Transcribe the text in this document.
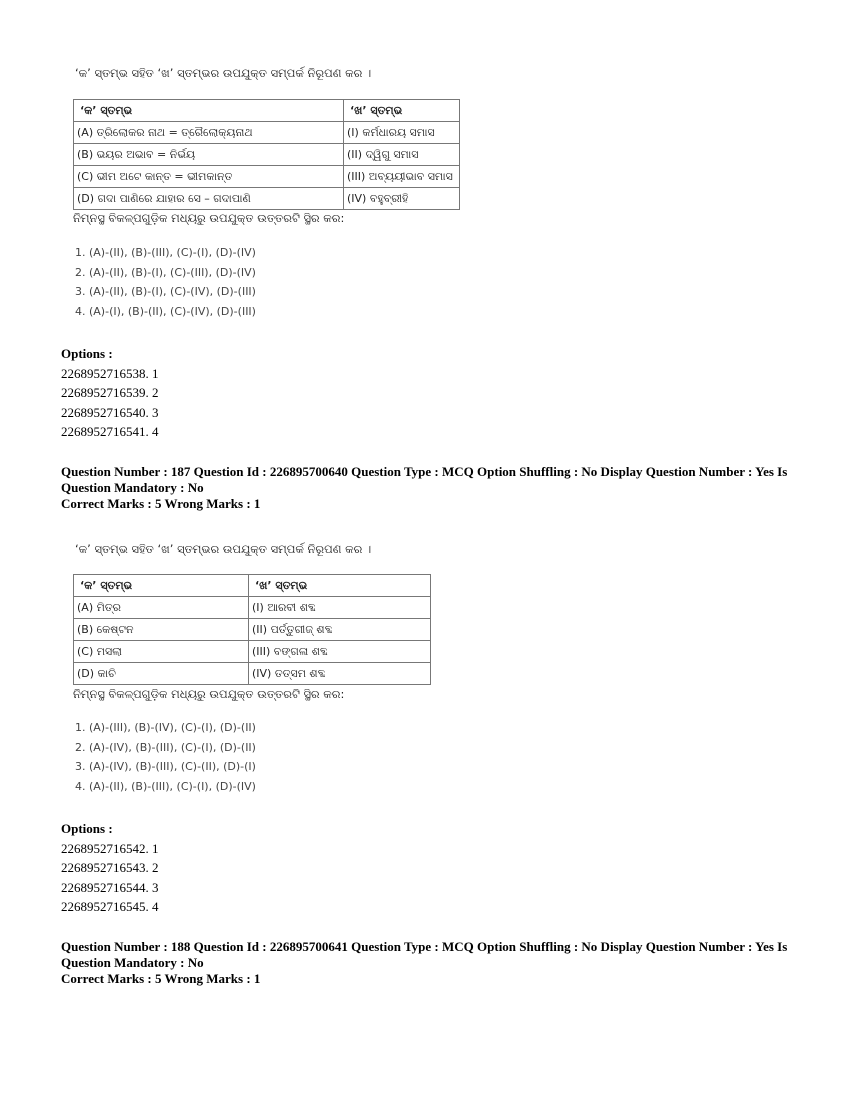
‘କ’ ସ୍ତମ୍ଭ ସହିତ ‘ଖ’ ସ୍ତମ୍ଭର ଉପଯୁକ୍ତ ସମ୍ପର୍କ ନିରୂପଣ କର ।
‘କ’ ସ୍ତମ୍ଭ	‘ଖ’ ସ୍ତମ୍ଭ
(A) ତ୍ରିଲୋକର ନାଥ = ତ୍ରୈଲୋକ୍ୟନାଥ	(I) କର୍ମଧାରୟ ସମାସ
(B) ଭୟର ଅଭାବ = ନିର୍ଭୟ	(II) ଦ୍ୱିଗୁ ସମାସ
(C) ଭୀମ ଅଟେ କାନ୍ତ = ଭୀମକାନ୍ତ	(III) ଅବ୍ୟୟୀଭାବ ସମାସ
(D) ଗଦା ପାଣିରେ ଯାହାର ସେ – ଗଦାପାଣି	(IV) ବହୁବ୍ରୀହି
ନିମ୍ନସ୍ଥ ବିକଳ୍ପଗୁଡ଼ିକ ମଧ୍ୟରୁ ଉପଯୁକ୍ତ ଉତ୍ତରଟି ସ୍ଥିର କର:
1. (A)-(II), (B)-(III), (C)-(I), (D)-(IV)
2. (A)-(II), (B)-(I), (C)-(III), (D)-(IV)
3. (A)-(II), (B)-(I), (C)-(IV), (D)-(III)
4. (A)-(I), (B)-(II), (C)-(IV), (D)-(III)
Options :
2268952716538. 1
2268952716539. 2
2268952716540. 3
2268952716541. 4
Question Number : 187 Question Id : 226895700640 Question Type : MCQ Option Shuffling : No Display Question Number : Yes Is Question Mandatory : No
Correct Marks : 5 Wrong Marks : 1
‘କ’ ସ୍ତମ୍ଭ ସହିତ ‘ଖ’ ସ୍ତମ୍ଭର ଉପଯୁକ୍ତ ସମ୍ପର୍କ ନିରୂପଣ କର ।
‘କ’ ସ୍ତମ୍ଭ	‘ଖ’ ସ୍ତମ୍ଭ
(A) ମିତ୍ର	(I) ଆରବୀ ଶବ୍ଦ
(B) କେଷ୍ଟନ	(II) ପର୍ତ୍ତୁଗୀଜ୍ ଶବ୍ଦ
(C) ମସଲା	(III) ବଙ୍ଗଳା ଶବ୍ଦ
(D) କାଚି	(IV) ତତ୍ସମ ଶବ୍ଦ
ନିମ୍ନସ୍ଥ ବିକଳ୍ପଗୁଡ଼ିକ ମଧ୍ୟରୁ ଉପଯୁକ୍ତ ଉତ୍ତରଟି ସ୍ଥିର କର:
1. (A)-(III), (B)-(IV), (C)-(I), (D)-(II)
2. (A)-(IV), (B)-(III), (C)-(I), (D)-(II)
3. (A)-(IV), (B)-(III), (C)-(II), (D)-(I)
4. (A)-(II), (B)-(III), (C)-(I), (D)-(IV)
Options :
2268952716542. 1
2268952716543. 2
2268952716544. 3
2268952716545. 4
Question Number : 188 Question Id : 226895700641 Question Type : MCQ Option Shuffling : No Display Question Number : Yes Is Question Mandatory : No
Correct Marks : 5 Wrong Marks : 1
